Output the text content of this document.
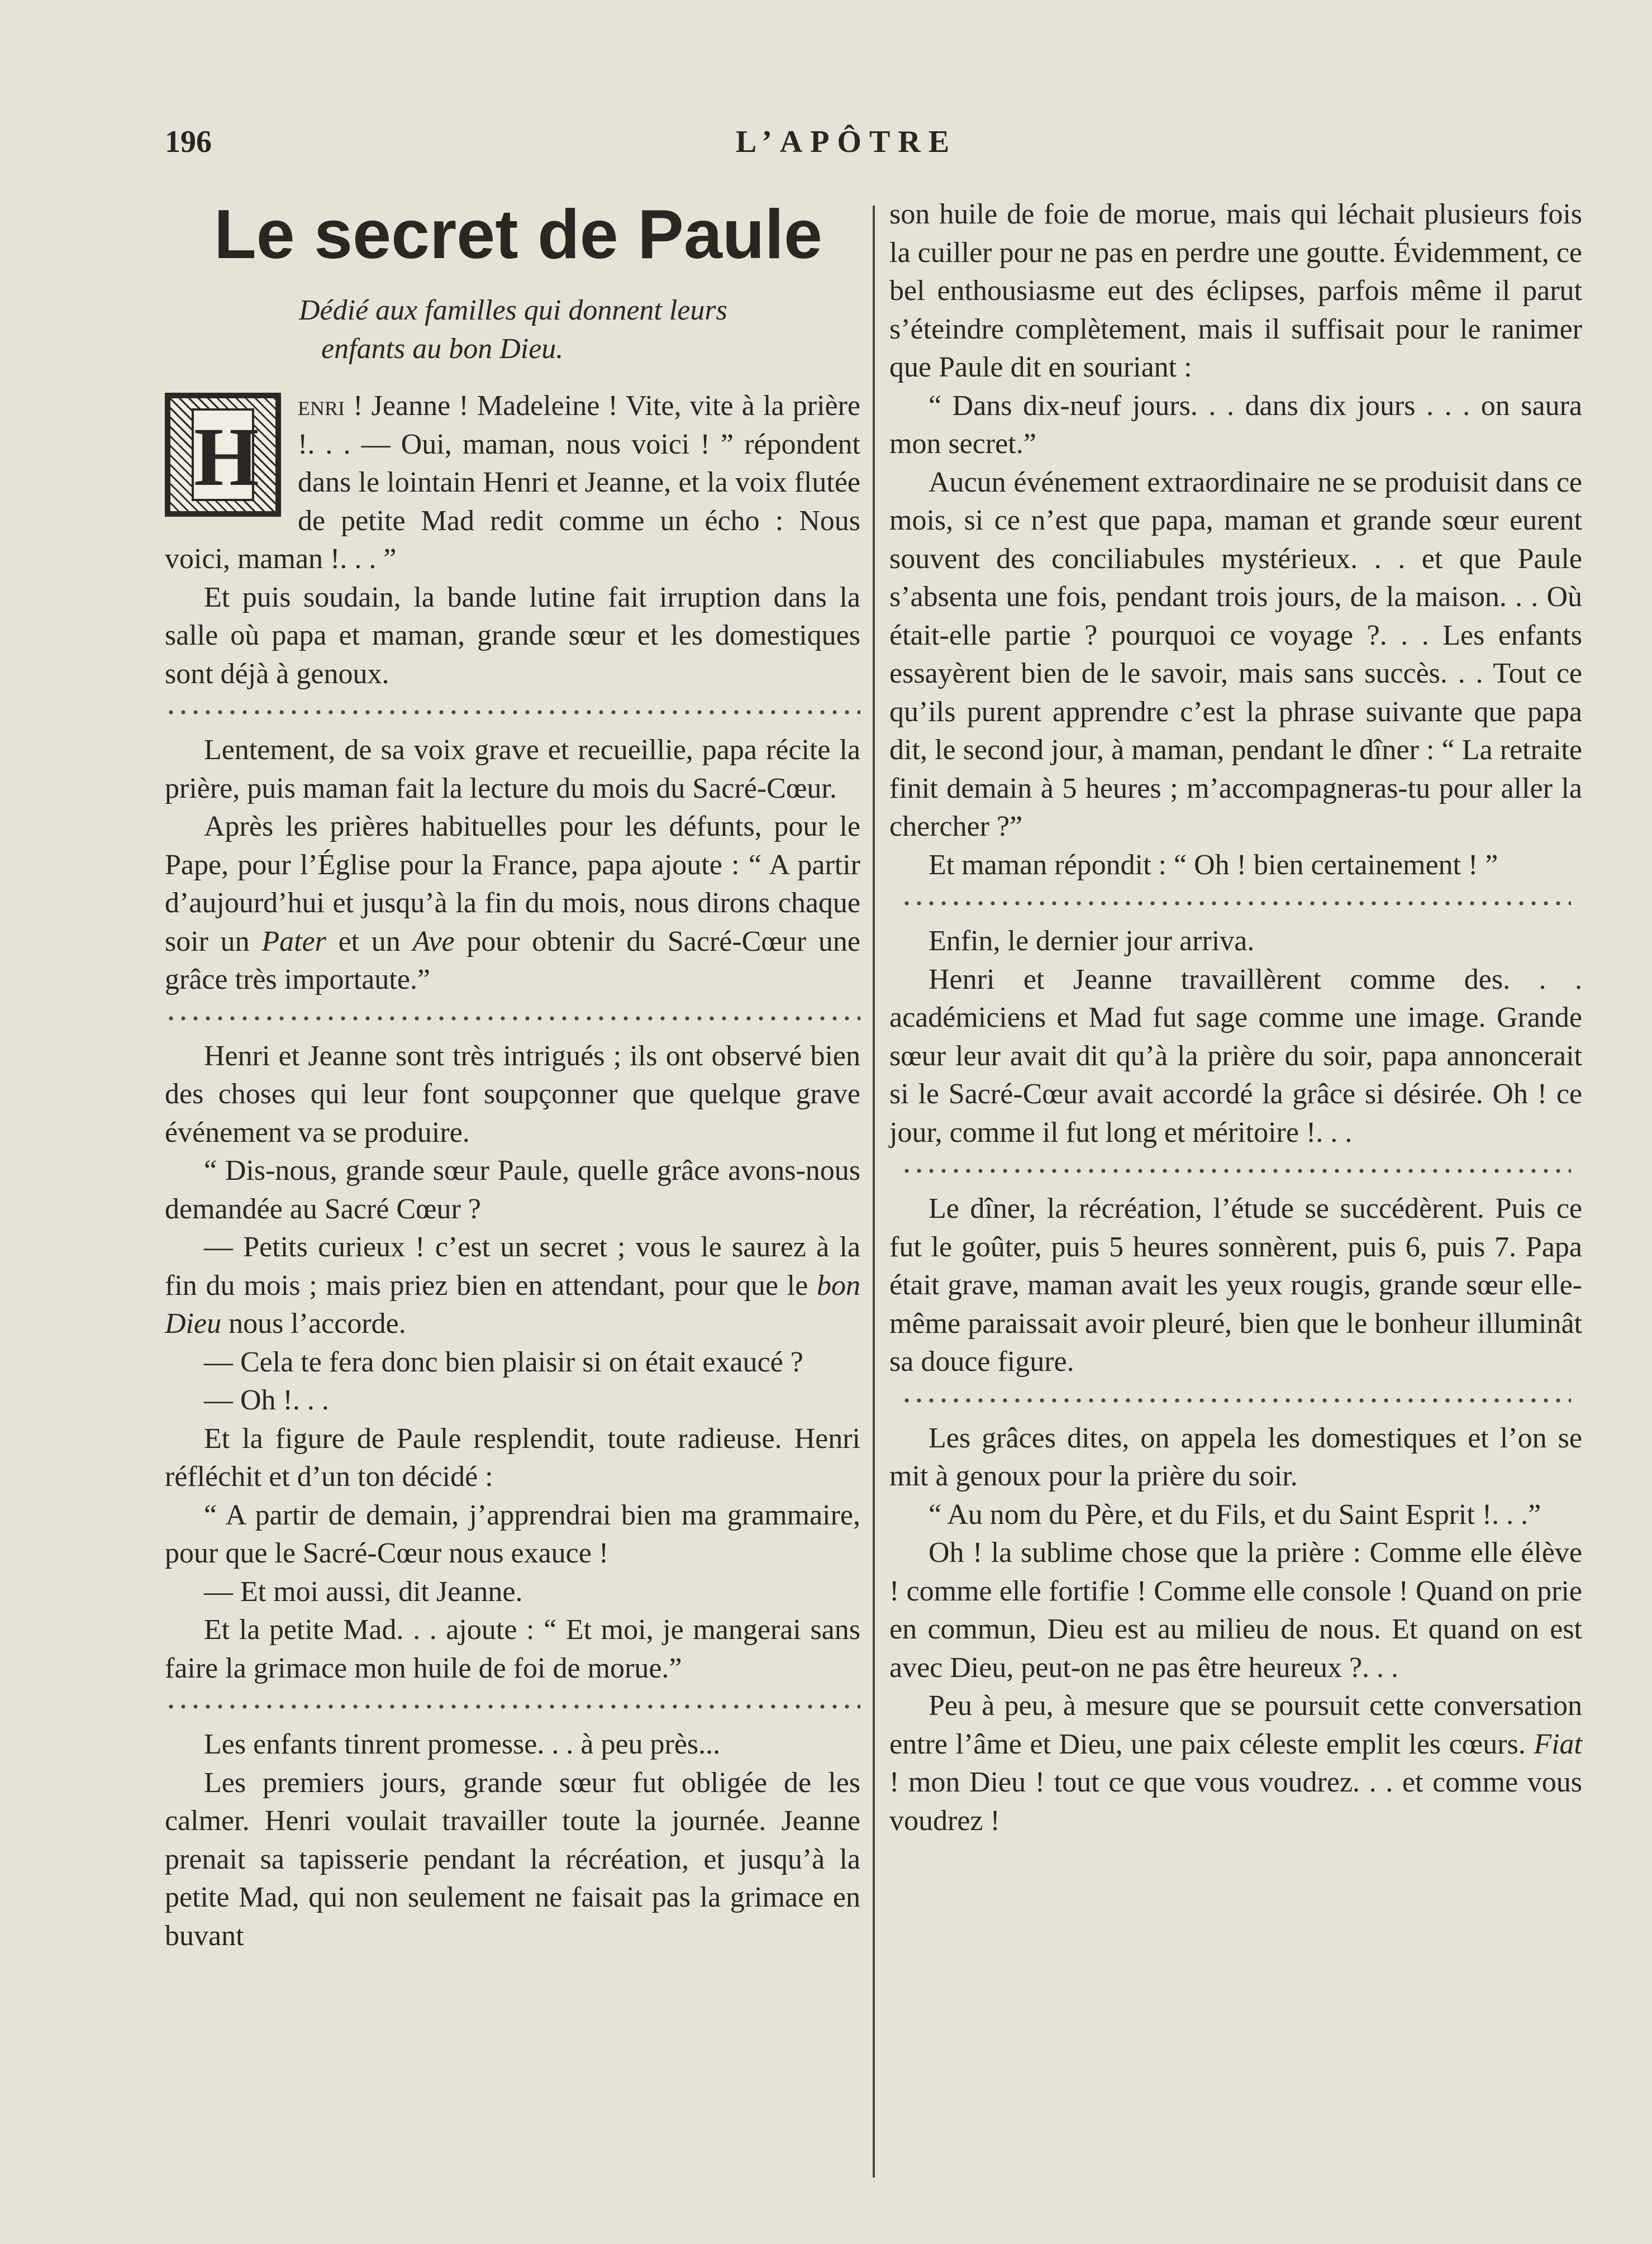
196	L’APÔTRE
Le secret de Paule
Dédié aux familles qui donnent leurs
enfants au bon Dieu.

H
enri ! Jeanne ! Madeleine ! Vite, vite à la prière !. . . — Oui, maman, nous voici ! ” répondent dans le lointain Henri et Jeanne, et la voix flutée de petite Mad redit comme un écho : Nous voici, maman !. . . ”

Et puis soudain, la bande lutine fait irruption dans la salle où papa et maman, grande sœur et les domestiques sont déjà à genoux.

Lentement, de sa voix grave et recueillie, papa récite la prière, puis maman fait la lecture du mois du Sacré-Cœur.

Après les prières habituelles pour les défunts, pour le Pape, pour l’Église pour la France, papa ajoute : “ A partir d’aujourd’hui et jusqu’à la fin du mois, nous dirons chaque soir un Pater et un Ave pour obtenir du Sacré-Cœur une grâce très importaute.”

Henri et Jeanne sont très intrigués ; ils ont observé bien des choses qui leur font soupçonner que quelque grave événement va se produire.

“ Dis-nous, grande sœur Paule, quelle grâce avons-nous demandée au Sacré Cœur ?

— Petits curieux ! c’est un secret ; vous le saurez à la fin du mois ; mais priez bien en attendant, pour que le bon Dieu nous l’accorde.

— Cela te fera donc bien plaisir si on était exaucé ?

— Oh !. . .

Et la figure de Paule resplendit, toute radieuse. Henri réfléchit et d’un ton décidé :

“ A partir de demain, j’apprendrai bien ma grammaire, pour que le Sacré-Cœur nous exauce !

— Et moi aussi, dit Jeanne.

Et la petite Mad. . . ajoute : “ Et moi, je mangerai sans faire la grimace mon huile de foi de morue.”

Les enfants tinrent promesse. . . à peu près...

Les premiers jours, grande sœur fut obligée de les calmer. Henri voulait travailler toute la journée. Jeanne prenait sa tapisserie pendant la récréation, et jusqu’à la petite Mad, qui non seulement ne faisait pas la grimace en buvant

son huile de foie de morue, mais qui léchait plusieurs fois la cuiller pour ne pas en perdre une goutte. Évidemment, ce bel enthousiasme eut des éclipses, parfois même il parut s’éteindre complètement, mais il suffisait pour le ranimer que Paule dit en souriant :

“ Dans dix-neuf jours. . . dans dix jours . . . on saura mon secret.”

Aucun événement extraordinaire ne se produisit dans ce mois, si ce n’est que papa, maman et grande sœur eurent souvent des conciliabules mystérieux. . . et que Paule s’absenta une fois, pendant trois jours, de la maison. . . Où était-elle partie ? pourquoi ce voyage ?. . . Les enfants essayèrent bien de le savoir, mais sans succès. . . Tout ce qu’ils purent apprendre c’est la phrase suivante que papa dit, le second jour, à maman, pendant le dîner : “ La retraite finit demain à 5 heures ; m’accompagneras-tu pour aller la chercher ?”

Et maman répondit : “ Oh ! bien certainement ! ”

Enfin, le dernier jour arriva.

Henri et Jeanne travaillèrent comme des. . . académiciens et Mad fut sage comme une image. Grande sœur leur avait dit qu’à la prière du soir, papa annoncerait si le Sacré-Cœur avait accordé la grâce si désirée. Oh ! ce jour, comme il fut long et méritoire !. . .

Le dîner, la récréation, l’étude se succédèrent. Puis ce fut le goûter, puis 5 heures sonnèrent, puis 6, puis 7. Papa était grave, maman avait les yeux rougis, grande sœur elle-même paraissait avoir pleuré, bien que le bonheur illuminât sa douce figure.

Les grâces dites, on appela les domestiques et l’on se mit à genoux pour la prière du soir.

“ Au nom du Père, et du Fils, et du Saint Esprit !. . .”

Oh ! la sublime chose que la prière : Comme elle élève ! comme elle fortifie ! Comme elle console ! Quand on prie en commun, Dieu est au milieu de nous. Et quand on est avec Dieu, peut-on ne pas être heureux ?. . .

Peu à peu, à mesure que se poursuit cette conversation entre l’âme et Dieu, une paix céleste emplit les cœurs. Fiat ! mon Dieu ! tout ce que vous voudrez. . . et comme vous voudrez !
